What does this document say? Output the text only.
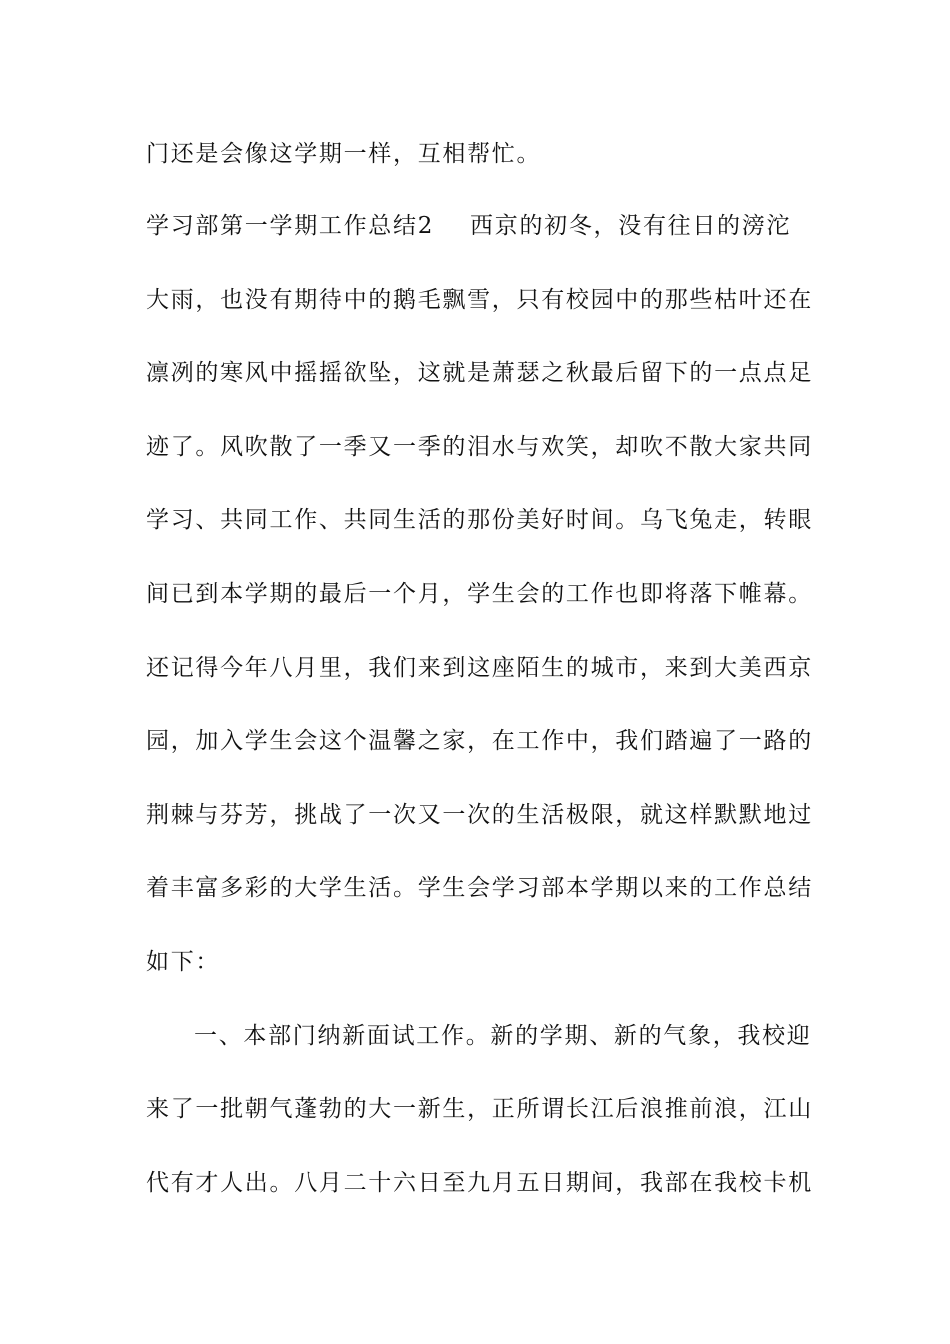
门还是会像这学期一样，互相帮忙。

学习部第一学期工作总结2 西京的初冬，没有往日的滂沱

大雨，也没有期待中的鹅毛飘雪，只有校园中的那些枯叶还在

凛冽的寒风中摇摇欲坠，这就是萧瑟之秋最后留下的一点点足

迹了。风吹散了一季又一季的泪水与欢笑，却吹不散大家共同

学习、共同工作、共同生活的那份美好时间。乌飞兔走，转眼

间已到本学期的最后一个月，学生会的工作也即将落下帷幕。

还记得今年八月里，我们来到这座陌生的城市，来到大美西京

园，加入学生会这个温馨之家，在工作中，我们踏遍了一路的

荆棘与芬芳，挑战了一次又一次的生活极限，就这样默默地过

着丰富多彩的大学生活。学生会学习部本学期以来的工作总结

如下：

一、本部门纳新面试工作。新的学期、新的气象，我校迎

来了一批朝气蓬勃的大一新生，正所谓长江后浪推前浪，江山

代有才人出。八月二十六日至九月五日期间，我部在我校卡机
